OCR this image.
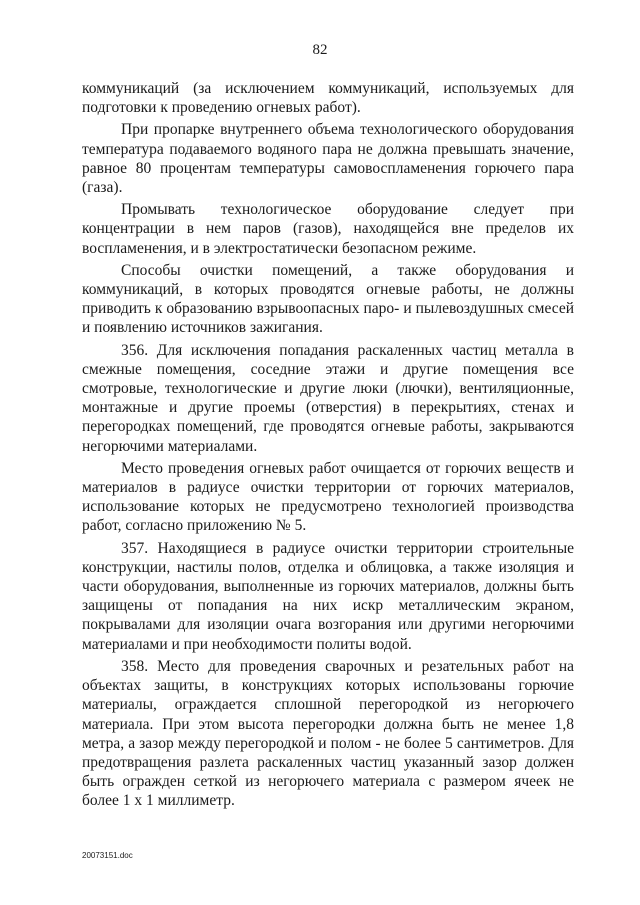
82

коммуникаций (за исключением коммуникаций, используемых для подготовки к проведению огневых работ).

При пропарке внутреннего объема технологического оборудования температура подаваемого водяного пара не должна превышать значение, равное 80 процентам температуры самовоспламенения горючего пара (газа).

Промывать технологическое оборудование следует при концентрации в нем паров (газов), находящейся вне пределов их воспламенения, и в электростатически безопасном режиме.

Способы очистки помещений, а также оборудования и коммуникаций, в которых проводятся огневые работы, не должны приводить к образованию взрывоопасных паро- и пылевоздушных смесей и появлению источников зажигания.

356. Для исключения попадания раскаленных частиц металла в смежные помещения, соседние этажи и другие помещения все смотровые, технологические и другие люки (лючки), вентиляционные, монтажные и другие проемы (отверстия) в перекрытиях, стенах и перегородках помещений, где проводятся огневые работы, закрываются негорючими материалами.

Место проведения огневых работ очищается от горючих веществ и материалов в радиусе очистки территории от горючих материалов, использование которых не предусмотрено технологией производства работ, согласно приложению № 5.

357. Находящиеся в радиусе очистки территории строительные конструкции, настилы полов, отделка и облицовка, а также изоляция и части оборудования, выполненные из горючих материалов, должны быть защищены от попадания на них искр металлическим экраном, покрывалами для изоляции очага возгорания или другими негорючими материалами и при необходимости политы водой.

358. Место для проведения сварочных и резательных работ на объектах защиты, в конструкциях которых использованы горючие материалы, ограждается сплошной перегородкой из негорючего материала. При этом высота перегородки должна быть не менее 1,8 метра, а зазор между перегородкой и полом - не более 5 сантиметров. Для предотвращения разлета раскаленных частиц указанный зазор должен быть огражден сеткой из негорючего материала с размером ячеек не более 1 x 1 миллиметр.

20073151.doc
